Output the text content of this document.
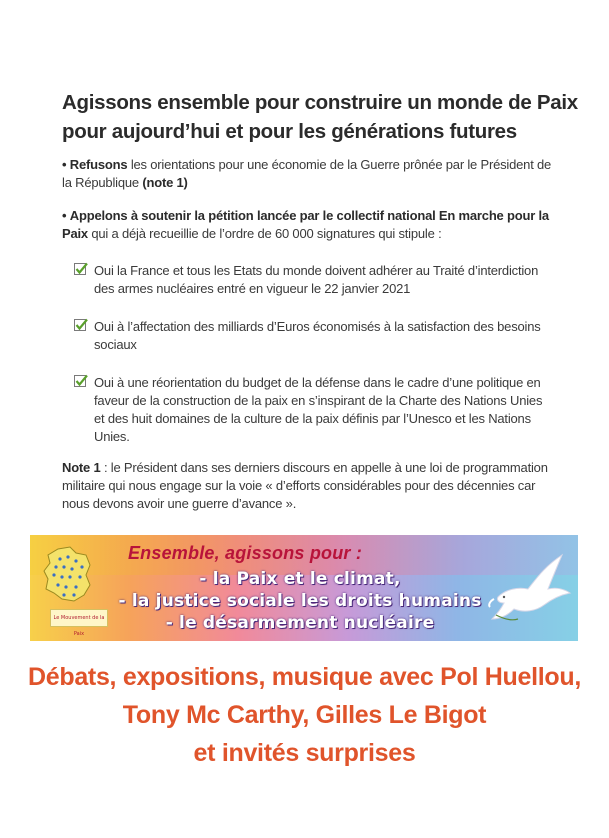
Agissons ensemble pour construire un monde de Paix
pour aujourd’hui et pour les générations futures
• Refusons les orientations pour une économie de la Guerre prônée par le Président de la République (note 1)
• Appelons à soutenir la pétition lancée par le collectif national En marche pour la Paix qui a déjà recueillie de l’ordre de 60 000 signatures qui stipule :
Oui la France et tous les Etats du monde doivent adhérer au Traité d’interdiction des armes nucléaires entré en vigueur le 22 janvier 2021
Oui à l’affectation des milliards d’Euros économisés à la satisfaction des besoins sociaux
Oui à une réorientation du budget de la défense dans le cadre d’une politique en faveur de la construction de la paix en s’inspirant de la Charte des Nations Unies et des huit domaines de la culture de la paix définis par l’Unesco et les Nations Unies.
Note 1 : le Président dans ses derniers discours en appelle à une loi de programmation militaire qui nous engage sur la voie « d’efforts considérables pour des décennies car nous devons avoir une guerre d’avance ».
Le Mouvement de la Paix
Ensemble, agissons pour :
- la Paix et le climat,
- la justice sociale les droits humains
- le désarmement nucléaire
Débats, expositions, musique avec Pol Huellou,
Tony Mc Carthy, Gilles Le Bigot
et invités surprises
